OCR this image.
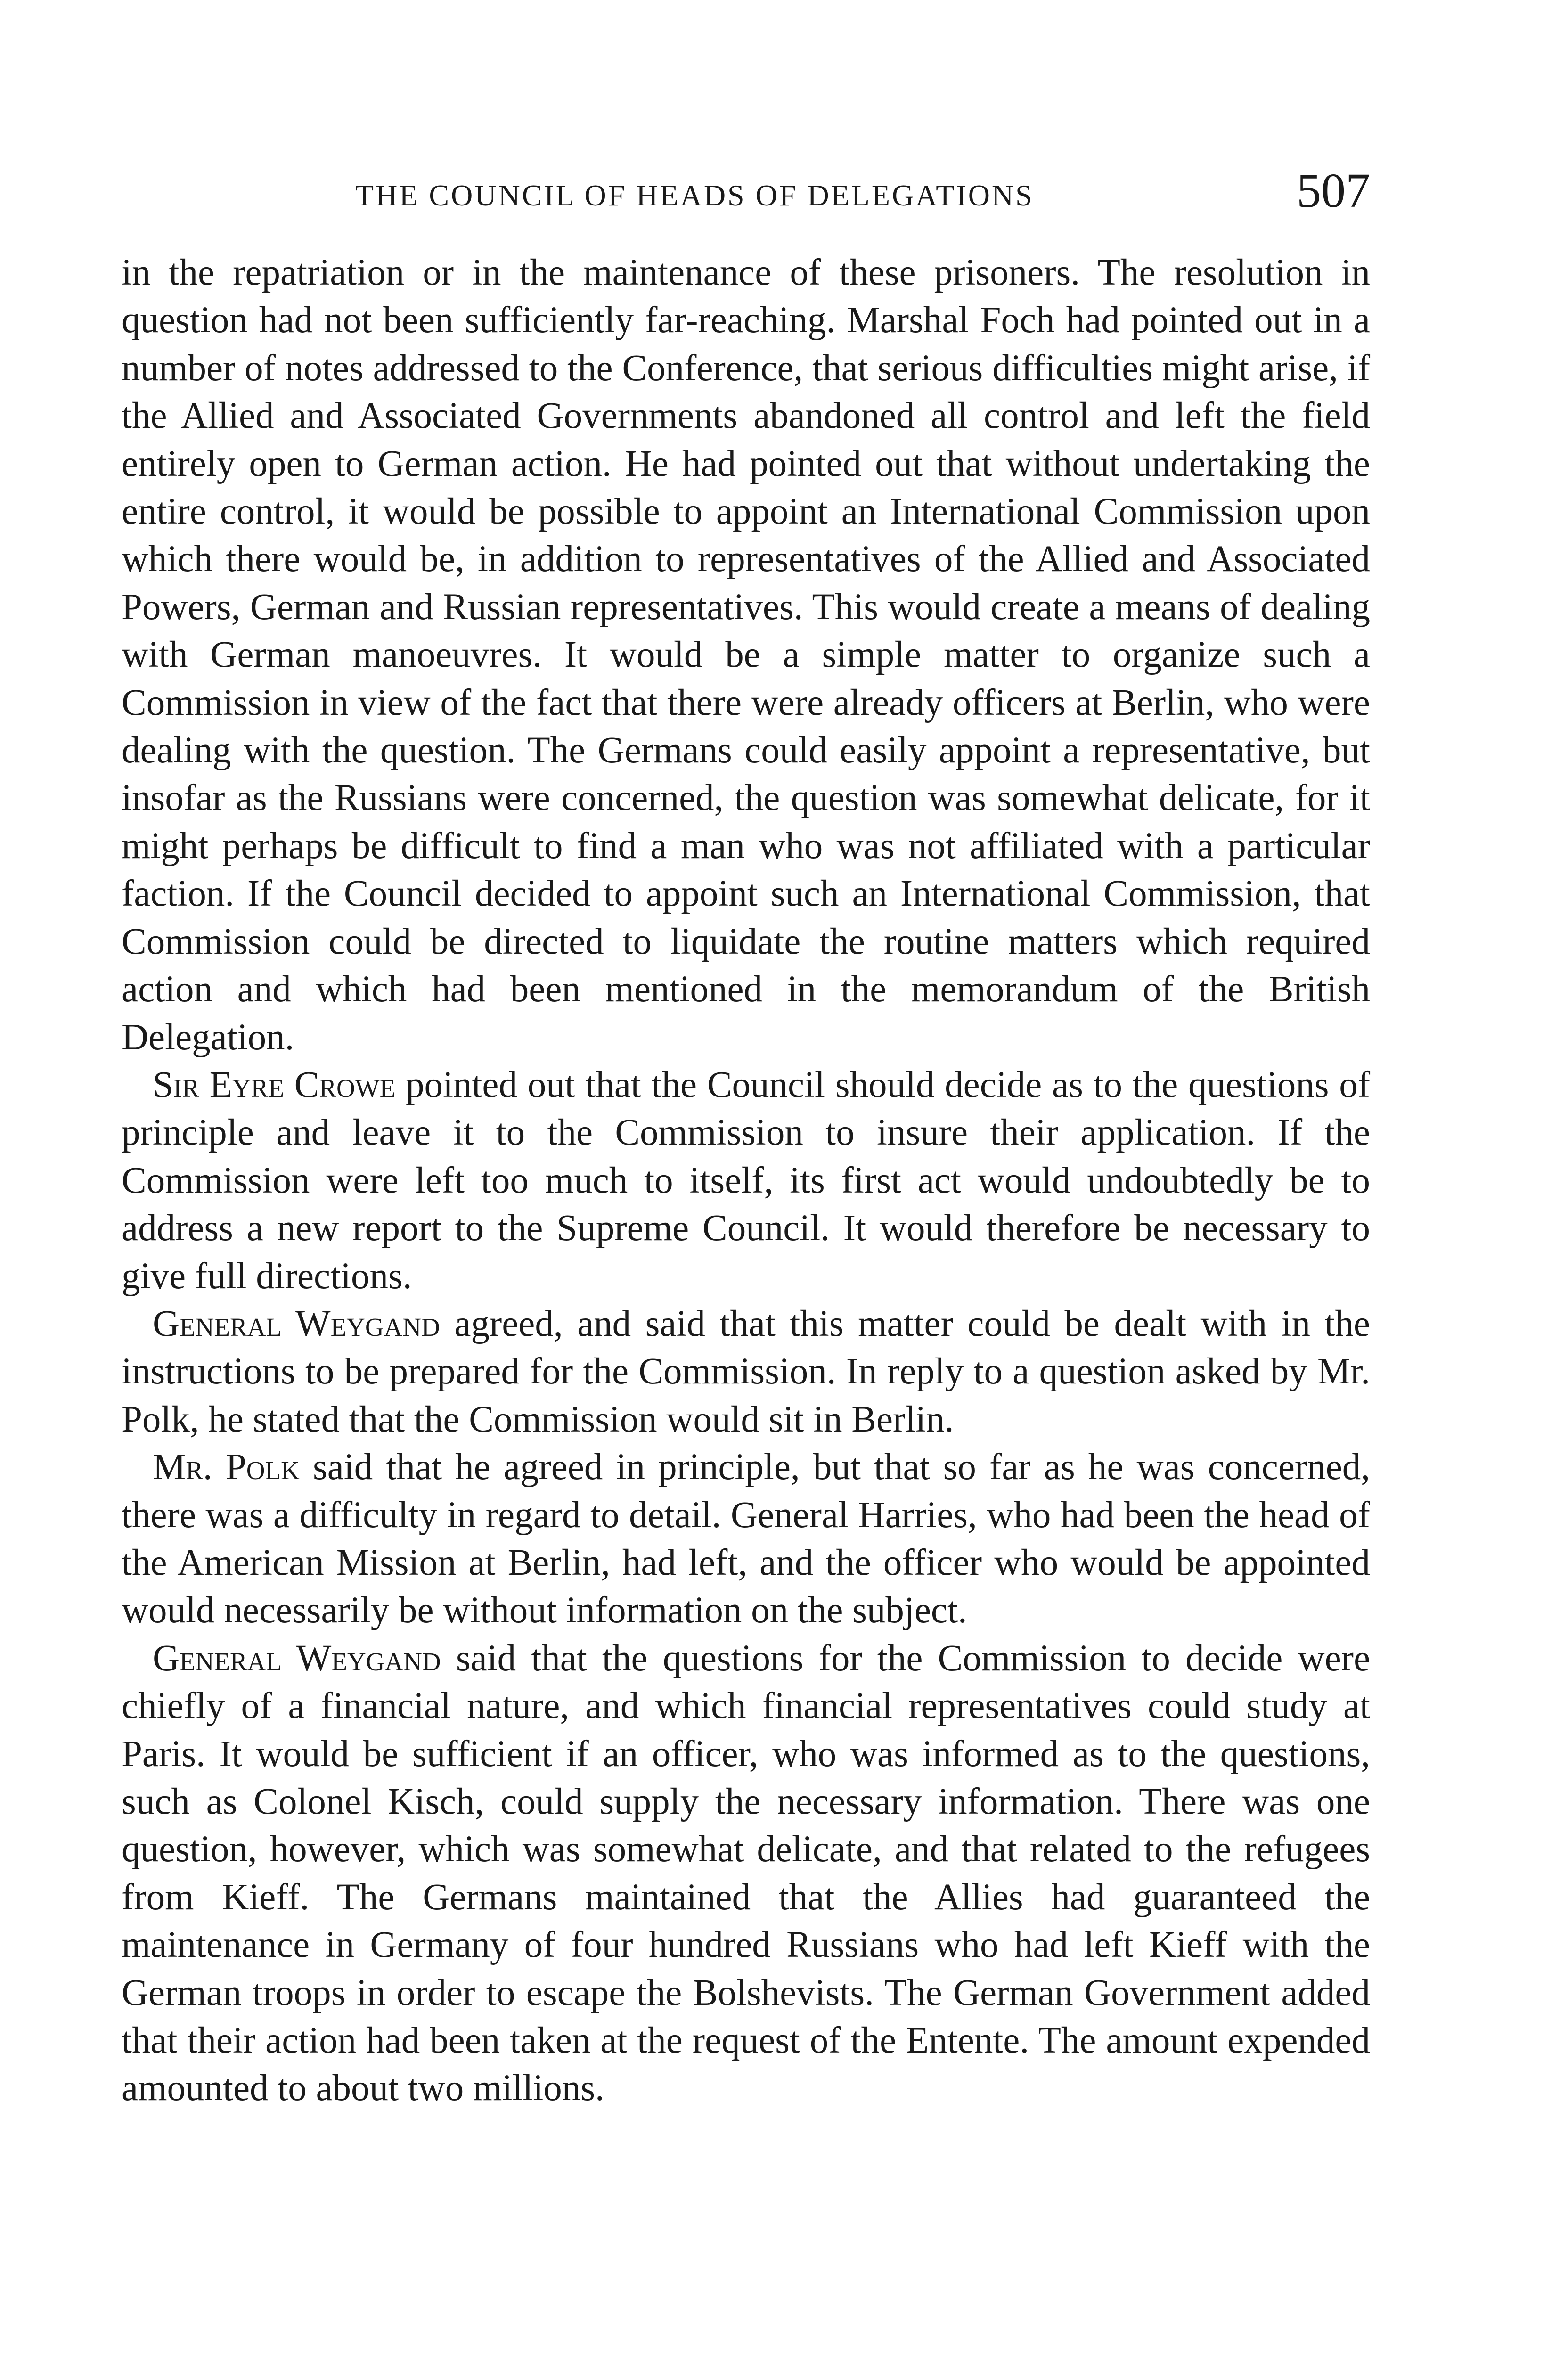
THE COUNCIL OF HEADS OF DELEGATIONS	507

in the repatriation or in the maintenance of these prisoners. The resolution in question had not been sufficiently far-reaching. Marshal Foch had pointed out in a number of notes addressed to the Conference, that serious difficulties might arise, if the Allied and Associated Governments abandoned all control and left the field entirely open to German action. He had pointed out that without undertaking the entire control, it would be possible to appoint an International Commission upon which there would be, in addition to representatives of the Allied and Associated Powers, German and Russian representatives. This would create a means of dealing with German manoeuvres. It would be a simple matter to organize such a Commission in view of the fact that there were already officers at Berlin, who were dealing with the question. The Germans could easily appoint a representative, but insofar as the Russians were concerned, the question was somewhat delicate, for it might perhaps be difficult to find a man who was not affiliated with a particular faction. If the Council decided to appoint such an International Commission, that Commission could be directed to liquidate the routine matters which required action and which had been mentioned in the memorandum of the British Delegation.

Sir Eyre Crowe pointed out that the Council should decide as to the questions of principle and leave it to the Commission to insure their application. If the Commission were left too much to itself, its first act would undoubtedly be to address a new report to the Supreme Council. It would therefore be necessary to give full directions.

General Weygand agreed, and said that this matter could be dealt with in the instructions to be prepared for the Commission. In reply to a question asked by Mr. Polk, he stated that the Commission would sit in Berlin.

Mr. Polk said that he agreed in principle, but that so far as he was concerned, there was a difficulty in regard to detail. General Harries, who had been the head of the American Mission at Berlin, had left, and the officer who would be appointed would necessarily be without information on the subject.

General Weygand said that the questions for the Commission to decide were chiefly of a financial nature, and which financial representatives could study at Paris. It would be sufficient if an officer, who was informed as to the questions, such as Colonel Kisch, could supply the necessary information. There was one question, however, which was somewhat delicate, and that related to the refugees from Kieff. The Germans maintained that the Allies had guaranteed the maintenance in Germany of four hundred Russians who had left Kieff with the German troops in order to escape the Bolshevists. The German Government added that their action had been taken at the request of the Entente. The amount expended amounted to about two millions.
